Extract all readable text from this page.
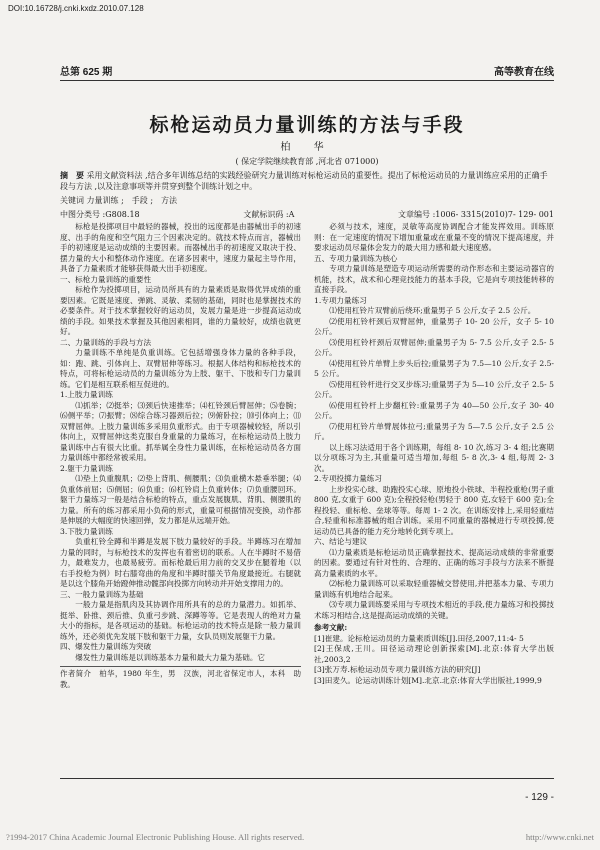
DOI:10.16728/j.cnki.kxdz.2010.07.128
总第 625 期	高等教育在线
标枪运动员力量训练的方法与手段
柏 华
( 保定学院继续教育部 ,河北省 071000)
摘　要 采用文献资料法 ,结合多年训练总结的实践经验研究力量训练对标枪运动员的重要性。提出了标枪运动员的力量训练应采用的正确手段与方法 ,以及注意事项等并贯穿到整个训练计划之中。
关键词 力量训练 ;　手段 ;　方法
中图分类号 :G808.18	文献标识码 :A	文章编号 :1006- 3315(2010)7- 129- 001

标枪是投掷项目中最轻的器械，投出的远度都是由器械出手的初速度、出手的角度和空气阻力三个因素决定的。就技术特点而言，器械出手的初速度是运动成绩的主要因素。而器械出手的初速度又取决于投、摆力量的大小和整体动作速度。在诸多因素中，速度力量起主导作用，具备了力量素质才能够获得最大出手初速度。

一、标枪力量训练的重要性

标枪作为投掷项目，运动员所具有的力量素质是取得优异成绩的重要因素。它既是速度、弹跳、灵敏、柔韧的基础，同时也是掌握技术的必要条件。对于技术掌握较好的运动员，发展力量是进一步提高运动成绩的手段。如果技术掌握及其他因素相同，谁的力量较好，成绩也就更好。

二、力量训练的手段与方法

力量训练不单纯是负重训练。它包括增强身体力量的各种手段，如：跑、跳、引体向上、双臂屈伸等练习。根据人体结构和标枪技术的特点，可将标枪运动员的力量训练分为上肢、躯干、下肢和专门力量训练。它们是相互联系相互促进的。

1.上肢力量训练

⑴抓举；⑵挺举；⑶颈后快速推举；⑷杠铃颈后臂屈伸；⑸卷腕；⑹侧平举；⑺振臂；⑻综合练习器颈后拉；⑼俯卧拉；⑽引体向上；⑾双臂屈伸。上肢力量训练多采用负重形式。由于专项器械较轻，所以引体向上，双臂屈伸这类克服自身重量的力量练习，在标枪运动员上肢力量训练中占有很大比重。抓举属全身性力量训练，在标枪运动员各方面力量训练中都经常被采用。

2.躯干力量训练

⑴垫上负重腹肌；⑵垫上背肌、侧腰肌；⑶负重横木悬垂举腿；⑷负重体前屈；⑸侧屈；⑹负重；⑹杠铃肩上负重转体；⑺负重腰回环。躯干力量练习一般是结合标枪的特点，重点发展腹肌、背肌、侧腰肌的力量。所有的练习都采用小负荷的形式，重量可根据情况变换，动作都是伸展的大幅度的快速回弹，发力都是从远端开始。

3.下肢力量训练

负重杠铃全蹲和半蹲是发展下肢力量较好的手段。半蹲练习在增加力量的同时，与标枪技术的发挥也有着密切的联系。人在半蹲时不易借力，最难发力，也最易疲劳。而标枪最后用力前的交叉步在腿着地（以右手投枪为例）时右膝弯曲的角度和半蹲时膝关节角度最接近。右腿就是以这个膝角开始蹬伸推动髋部向投掷方向转动并开始支撑用力的。

三、一般力量训练为基础

一般力量是指肌肉及其协调作用所具有的总的力量潜力。如抓举、挺举、卧推、颈后推、负重弓步跳、深蹲等等。它是表现人的绝对力量大小的指标，是各项运动的基础。标枪运动的技术特点是除一般力量训练外，还必须优先发展下肢和躯干力量，女队员则发展躯干力量。

四、爆发性力量训练为突破

爆发性力量训练是以训练基本力量和最大力量为基础。它

作者简介　柏华，1980 年生，男　汉族，河北省保定市人，本科　助教。

必须与技术，速度，灵敏等高度协调配合才能发挥效用。训练原则：在一定速度的情况下增加重量或在重量不变的情况下提高速度，并要求运动员尽量体会发力的最大用力感和最大速度感。

五、专项力量训练为核心

专项力量训练是塑造专项运动所需要的动作形态和主要运动器官的机能，技术，战术和心理竞技能力的基本手段，它是向专项技能转移的直接手段。

1.专项力量练习

⑴使用杠铃片双臂前后绕环;重量男子 5 公斤,女子 2.5 公斤。

⑵使用杠铃杆颈后双臂屈伸，重量男子 10- 20 公斤，女子 5- 10 公斤。

⑶使用杠铃杆颈后双臂屈伸;重量男子为 5- 7.5 公斤,女子 2.5- 5 公斤。

⑷使用杠铃片单臂上步头后拉;重量男子为 7.5—10 公斤,女子 2.5- 5 公斤。

⑸使用杠铃杆进行交叉步练习;重量男子为 5—10 公斤,女子 2.5- 5 公斤。

⑹使用杠铃杆上步翻杠铃:重量男子为 40—50 公斤,女子 30- 40 公斤。

⑺使用杠铃片单臂展体拉弓;重量男子为 5—7.5 公斤,女子 2.5 公斤。

以上练习法适用于各个训练期，每组 8- 10 次,练习 3- 4 组;比赛期以分项练习为主,其重量可适当增加,每组 5- 8 次,3- 4 组,每周 2- 3 次。

2.专项投掷力量练习

上步投实心球、助跑投实心球、原地投小铁球、半程投重枪(男子重 800 克,女重于 600 克);全程投轻枪(男轻于 800 克,女轻于 600 克);全程投轻、重标枪、垒球等等。每周 1- 2 次。在训练安排上,采用轻重结合,轻重和标准器械的组合训练。采用不同重量的器械进行专项投掷,使运动员已具备的能力充分地转化到专项上。

六、结论与建议

⑴力量素质是标枪运动员正确掌握技术、提高运动成绩的非常重要的因素。要通过有针对性的、合理的、正确的练习手段与方法来不断提高力量素质的水平。

⑵标枪力量训练可以采取轻重器械交替使用,并把基本力量、专项力量训练有机地结合起来。

⑶专项力量训练要采用与专项技术相近的手段,使力量练习和投掷技术练习相结合,这是提高运动成绩的关键。

参考文献:

[1]崔建。论标枪运动员的力量素质训练[J].田径,2007,11:4- 5

[2]王保成,王川。田径运动理论创新探索[M].北京:体育大学出版社,2003,2

[3]张万寿.标枪运动员专项力量训练方法的研究[J]

[3]田麦久。论运动训练计划[M].北京.北京:体育大学出版社,1999,9

- 129 -
?1994-2017 China Academic Journal Electronic Publishing House. All rights reserved.	http://www.cnki.net
